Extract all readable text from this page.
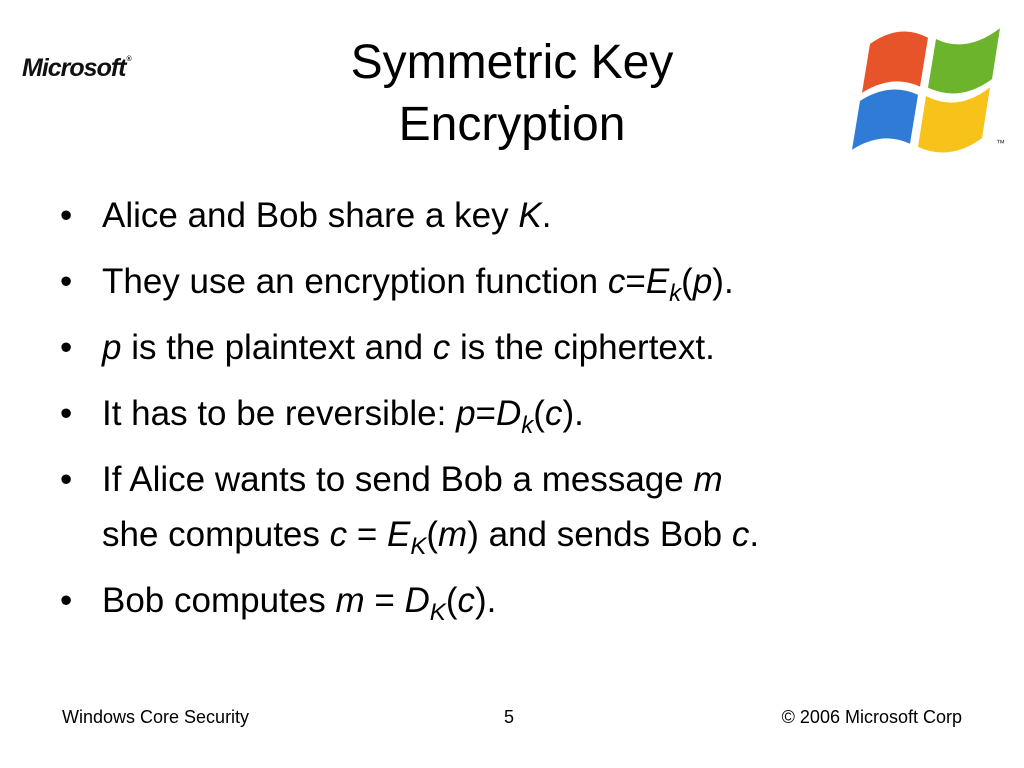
Microsoft®
™
Symmetric Key
Encryption
• Alice and Bob share a key K.
• They use an encryption function $c=E_k(p)$.
• p is the plaintext and c is the ciphertext.
• It has to be reversible: $p=D_k(c)$.
• If Alice wants to send Bob a message m
she computes $c = E_K(m)$ and sends Bob c.
• Bob computes $m = D_K(c)$.
Windows Core Security	5	© 2006 Microsoft Corp
